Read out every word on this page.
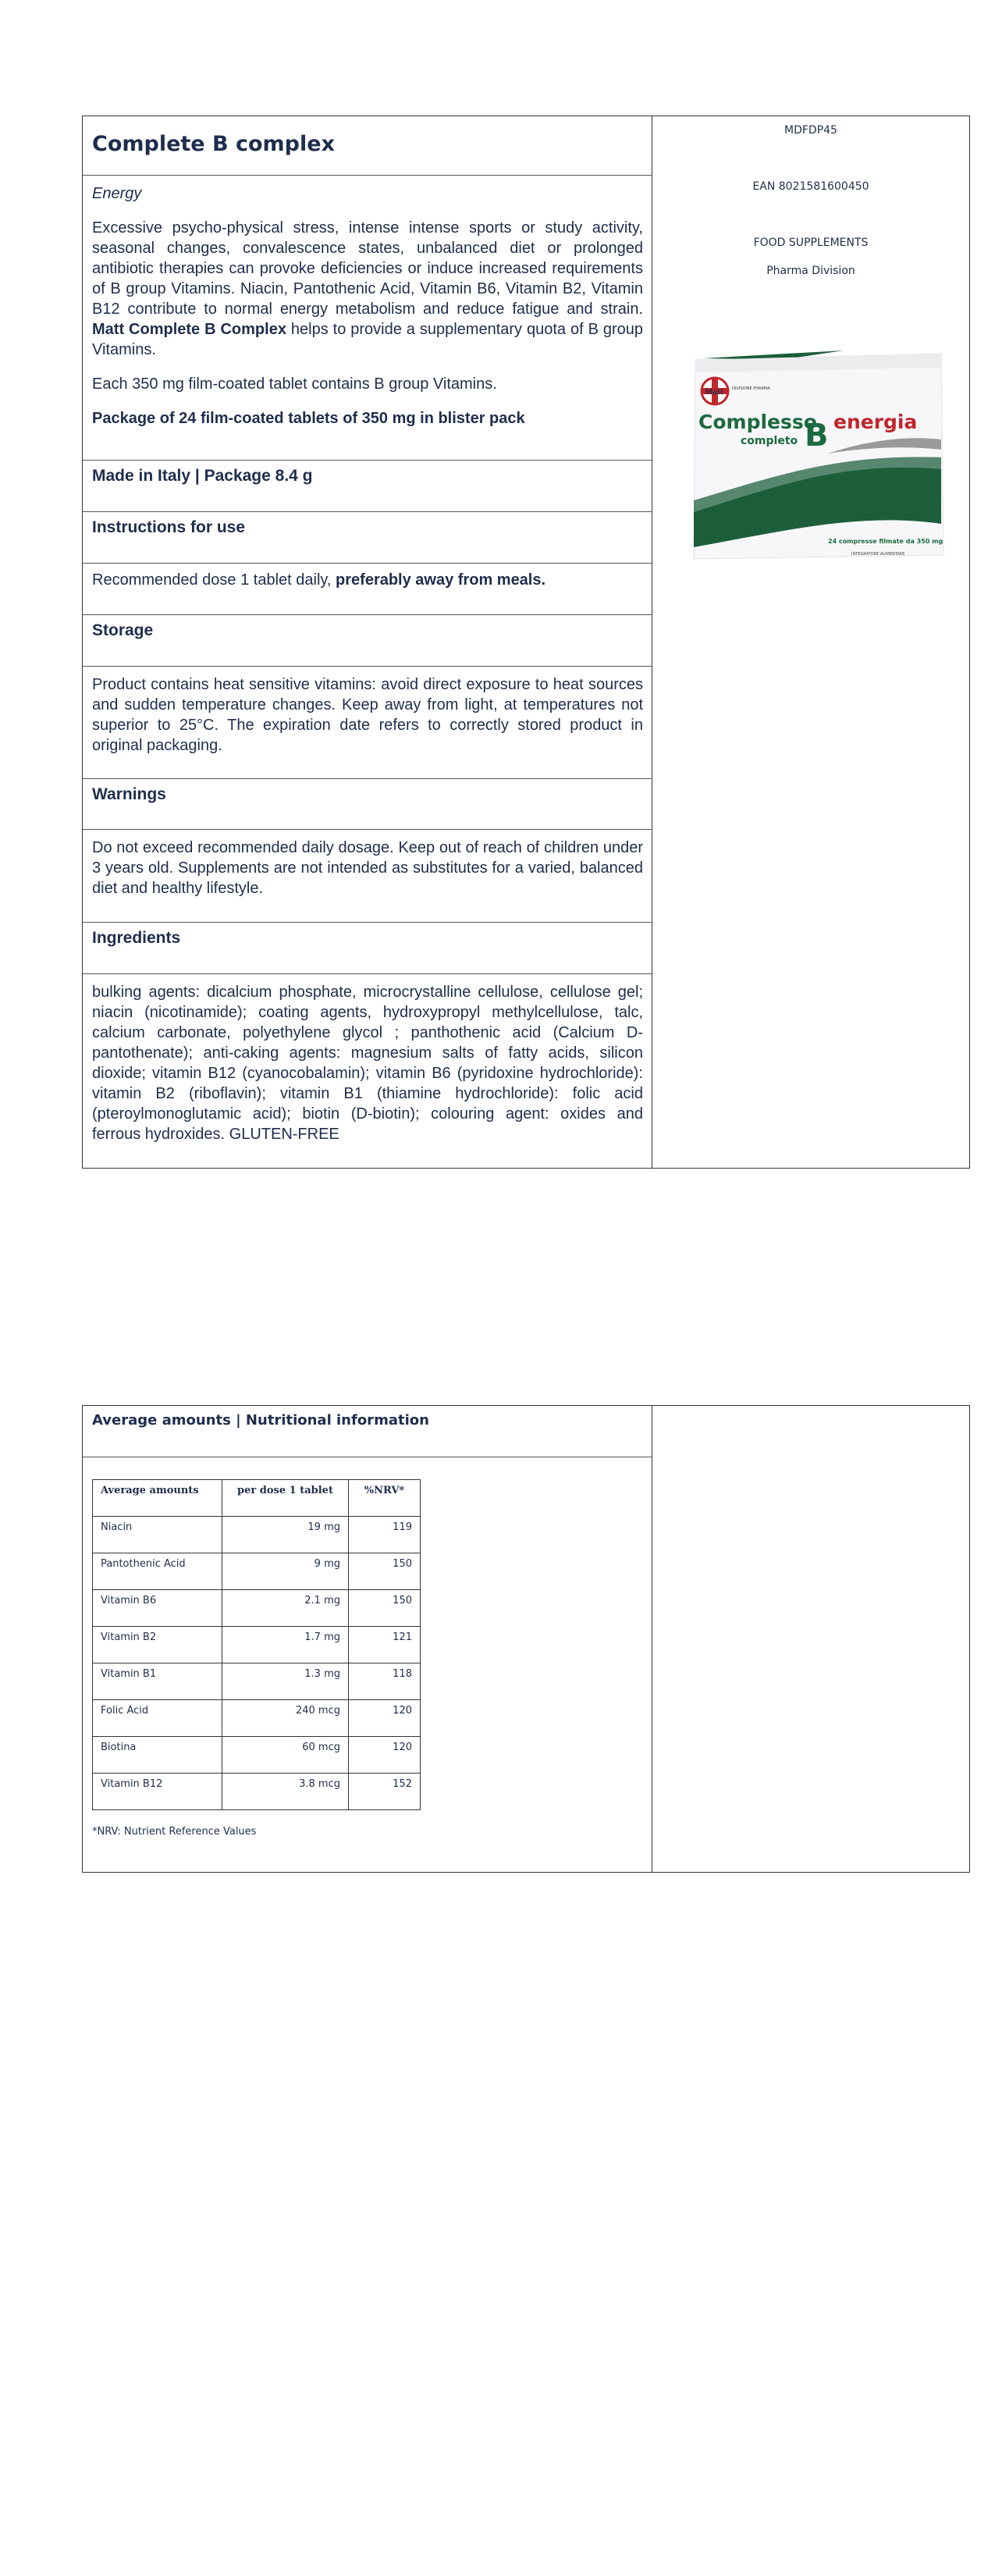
Complete B complex

Energy

Excessive psycho-physical stress, intense intense sports or study activity, seasonal changes, convalescence states, unbalanced diet or prolonged antibiotic therapies can provoke deficiencies or induce increased requirements of B group Vitamins. Niacin, Pantothenic Acid, Vitamin B6, Vitamin B2, Vitamin B12 contribute to normal energy metabolism and reduce fatigue and strain. Matt Complete B Complex helps to provide a supplementary quota of B group Vitamins.

Each 350 mg film-coated tablet contains B group Vitamins.

Package of 24 film-coated tablets of 350 mg in blister pack

Made in Italy | Package 8.4 g
Instructions for use
Recommended dose 1 tablet daily, preferably away from meals.
Storage
Product contains heat sensitive vitamins: avoid direct exposure to heat sources and sudden temperature changes. Keep away from light, at temperatures not superior to 25°C. The expiration date refers to correctly stored product in original packaging.
Warnings
Do not exceed recommended daily dosage. Keep out of reach of children under 3 years old. Supplements are not intended as substitutes for a varied, balanced diet and healthy lifestyle.
Ingredients
bulking agents: dicalcium phosphate, microcrystalline cellulose, cellulose gel; niacin (nicotinamide); coating agents, hydroxypropyl methylcellulose, talc, calcium carbonate, polyethylene glycol ; panthothenic acid (Calcium D-pantothenate); anti-caking agents: magnesium salts of fatty acids, silicon dioxide; vitamin B12 (cyanocobalamin); vitamin B6 (pyridoxine hydrochloride): vitamin B2 (riboflavin); vitamin B1 (thiamine hydrochloride): folic acid (pteroylmonoglutamic acid); biotin (D-biotin); colouring agent: oxides and ferrous hydroxides. GLUTEN-FREE
MDFDP45
EAN 8021581600450
FOOD SUPPLEMENTS
Pharma Division
Matt DIVISIONE PHARMA
Complesso
completo B energia
24 compresse filmate da 350 mg
INTEGRATORE ALIMENTARE
Average amounts | Nutritional information
Average amounts	per dose 1 tablet	%NRV*
Niacin	19 mg	119
Pantothenic Acid	9 mg	150
Vitamin B6	2.1 mg	150
Vitamin B2	1.7 mg	121
Vitamin B1	1.3 mg	118
Folic Acid	240 mcg	120
Biotina	60 mcg	120
Vitamin B12	3.8 mcg	152
*NRV: Nutrient Reference Values
